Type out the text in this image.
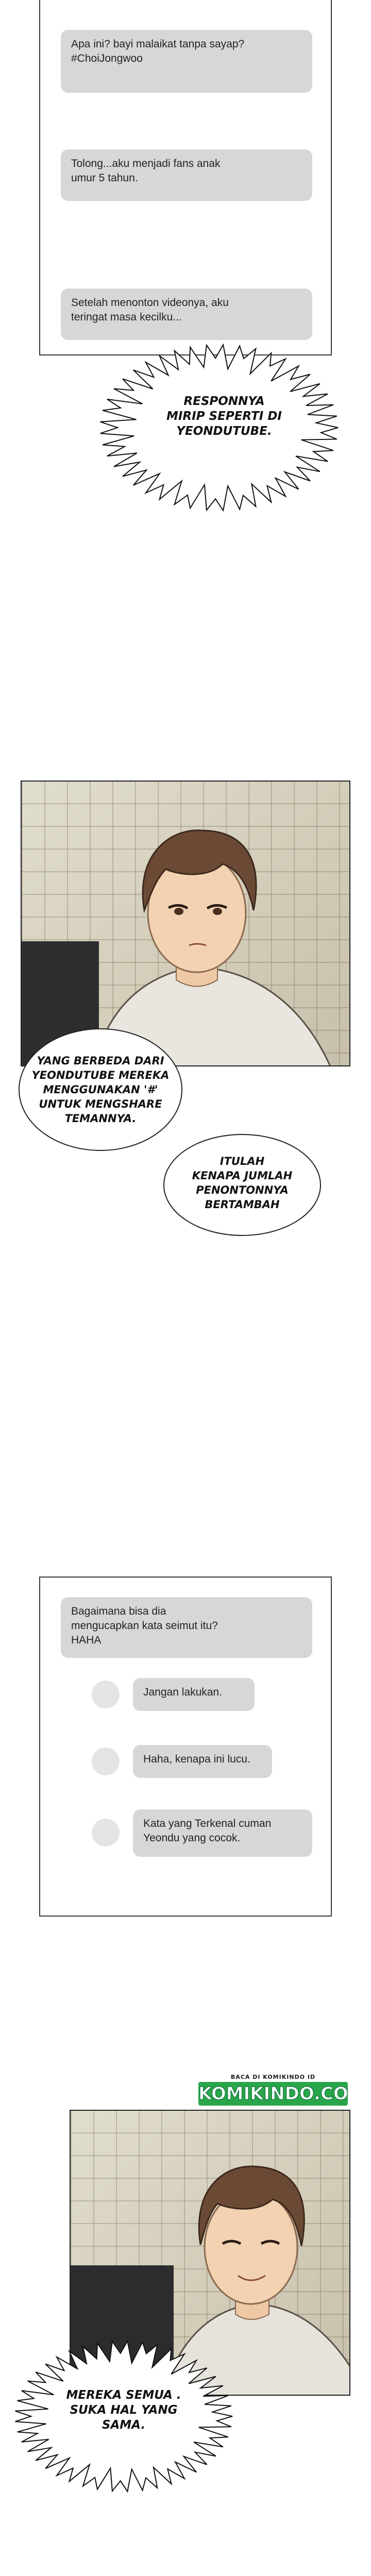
Apa ini? bayi malaikat tanpa sayap?
#ChoiJongwoo
Tolong...aku menjadi fans anak
umur 5 tahun.
Setelah menonton videonya, aku
teringat masa kecilku...
RESPONNYA
MIRIP SEPERTI DI
YEONDUTUBE.
YANG BERBEDA DARI
YEONDUTUBE MEREKA
MENGGUNAKAN '#'
UNTUK MENGSHARE
TEMANNYA.
ITULAH
KENAPA JUMLAH
PENONTONNYA
BERTAMBAH
Bagaimana bisa dia
mengucapkan kata seimut itu?
HAHA
Jangan lakukan.
Haha, kenapa ini lucu.
Kata yang Terkenal cuman
Yeondu yang cocok.
BACA DI KOMIKINDO ID
KOMIKINDO.CO
MEREKA SEMUA .
SUKA HAL YANG
SAMA.
